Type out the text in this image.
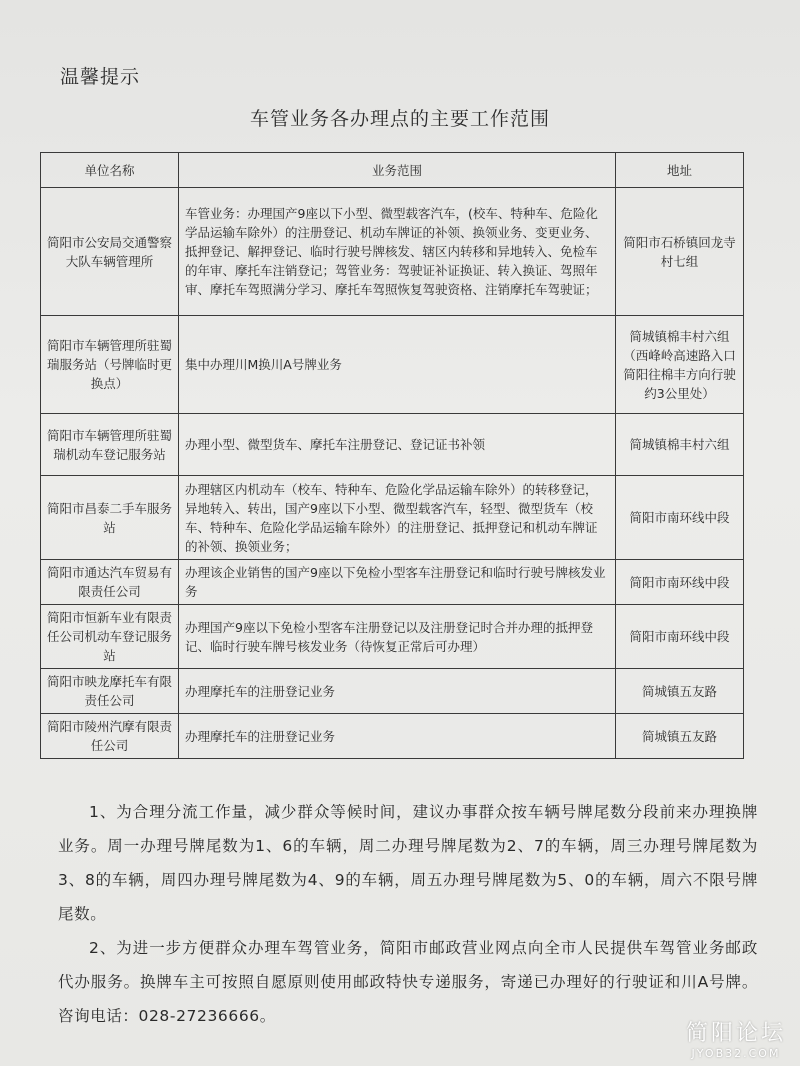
温馨提示
车管业务各办理点的主要工作范围
单位名称	业务范围	地址
简阳市公安局交通警察大队车辆管理所	车管业务：办理国产9座以下小型、微型载客汽车，(校车、特种车、危险化学品运输车除外）的注册登记、机动车牌证的补领、换领业务、变更业务、抵押登记、解押登记、临时行驶号牌核发、辖区内转移和异地转入、免检车的年审、摩托车注销登记；驾管业务：驾驶证补证换证、转入换证、驾照年审、摩托车驾照满分学习、摩托车驾照恢复驾驶资格、注销摩托车驾驶证；	简阳市石桥镇回龙寺村七组
简阳市车辆管理所驻蜀瑞服务站（号牌临时更换点）	集中办理川M换川A号牌业务	简城镇棉丰村六组（西峰岭高速路入口简阳往棉丰方向行驶约3公里处）
简阳市车辆管理所驻蜀瑞机动车登记服务站	办理小型、微型货车、摩托车注册登记、登记证书补领	简城镇棉丰村六组
简阳市昌泰二手车服务站	办理辖区内机动车（校车、特种车、危险化学品运输车除外）的转移登记，异地转入、转出，国产9座以下小型、微型载客汽车，轻型、微型货车（校车、特种车、危险化学品运输车除外）的注册登记、抵押登记和机动车牌证的补领、换领业务；	简阳市南环线中段
简阳市通达汽车贸易有限责任公司	办理该企业销售的国产9座以下免检小型客车注册登记和临时行驶号牌核发业务	简阳市南环线中段
简阳市恒新车业有限责任公司机动车登记服务站	办理国产9座以下免检小型客车注册登记以及注册登记时合并办理的抵押登记、临时行驶车牌号核发业务（待恢复正常后可办理）	简阳市南环线中段
简阳市映龙摩托车有限责任公司	办理摩托车的注册登记业务	简城镇五友路
简阳市陵州汽摩有限责任公司	办理摩托车的注册登记业务	简城镇五友路

1、为合理分流工作量，减少群众等候时间，建议办事群众按车辆号牌尾数分段前来办理换牌业务。周一办理号牌尾数为1、6的车辆，周二办理号牌尾数为2、7的车辆，周三办理号牌尾数为3、8的车辆，周四办理号牌尾数为4、9的车辆，周五办理号牌尾数为5、0的车辆，周六不限号牌尾数。

2、为进一步方便群众办理车驾管业务，简阳市邮政营业网点向全市人民提供车驾管业务邮政代办服务。换牌车主可按照自愿原则使用邮政特快专递服务，寄递已办理好的行驶证和川A号牌。咨询电话：028-27236666。

简阳论坛
JYOB32.COM
